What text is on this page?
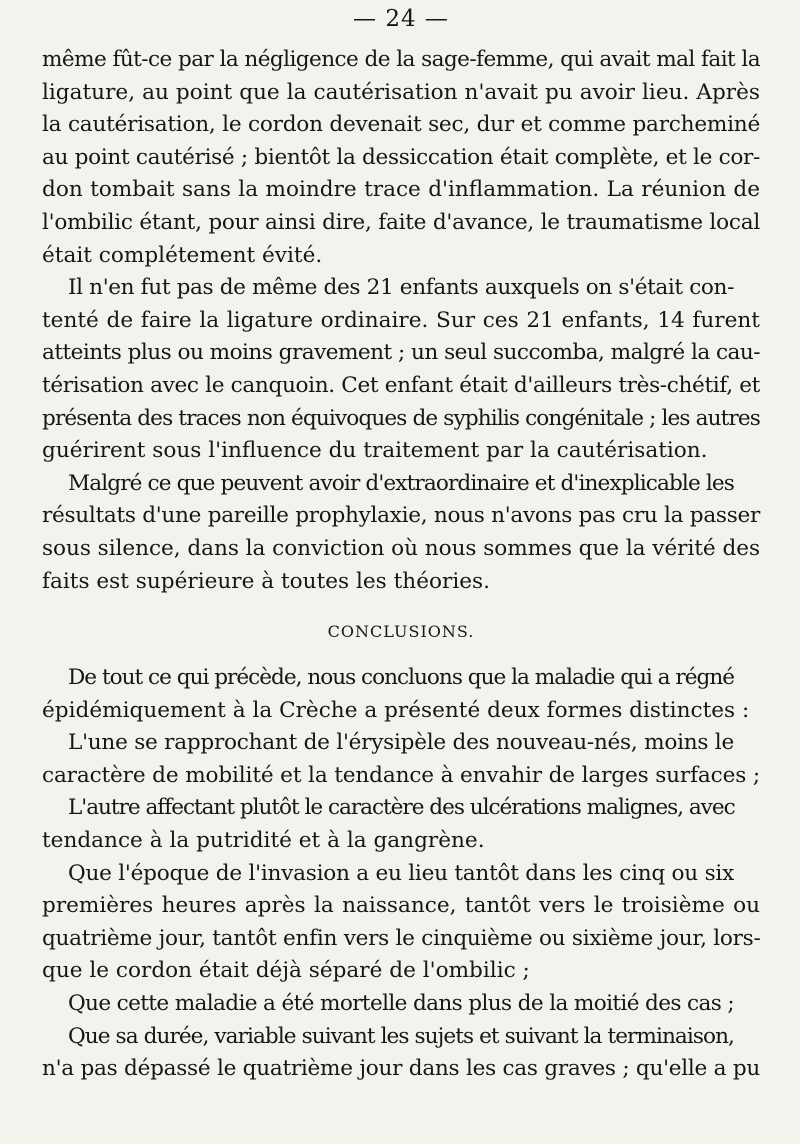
— 24 —

même fût-ce par la négligence de la sage-femme, qui avait mal fait la
ligature, au point que la cautérisation n'avait pu avoir lieu. Après
la cautérisation, le cordon devenait sec, dur et comme parcheminé
au point cautérisé ; bientôt la dessiccation était complète, et le cor-
don tombait sans la moindre trace d'inflammation. La réunion de
l'ombilic étant, pour ainsi dire, faite d'avance, le traumatisme local
était complétement évité.

Il n'en fut pas de même des 21 enfants auxquels on s'était con-
tenté de faire la ligature ordinaire. Sur ces 21 enfants, 14 furent
atteints plus ou moins gravement ; un seul succomba, malgré la cau-
térisation avec le canquoin. Cet enfant était d'ailleurs très-chétif, et
présenta des traces non équivoques de syphilis congénitale ; les autres
guérirent sous l'influence du traitement par la cautérisation.

Malgré ce que peuvent avoir d'extraordinaire et d'inexplicable les
résultats d'une pareille prophylaxie, nous n'avons pas cru la passer
sous silence, dans la conviction où nous sommes que la vérité des
faits est supérieure à toutes les théories.

CONCLUSIONS.

De tout ce qui précède, nous concluons que la maladie qui a régné
épidémiquement à la Crèche a présenté deux formes distinctes :

L'une se rapprochant de l'érysipèle des nouveau-nés, moins le
caractère de mobilité et la tendance à envahir de larges surfaces ;

L'autre affectant plutôt le caractère des ulcérations malignes, avec
tendance à la putridité et à la gangrène.

Que l'époque de l'invasion a eu lieu tantôt dans les cinq ou six
premières heures après la naissance, tantôt vers le troisième ou
quatrième jour, tantôt enfin vers le cinquième ou sixième jour, lors-
que le cordon était déjà séparé de l'ombilic ;

Que cette maladie a été mortelle dans plus de la moitié des cas ;

Que sa durée, variable suivant les sujets et suivant la terminaison,
n'a pas dépassé le quatrième jour dans les cas graves ; qu'elle a pu
